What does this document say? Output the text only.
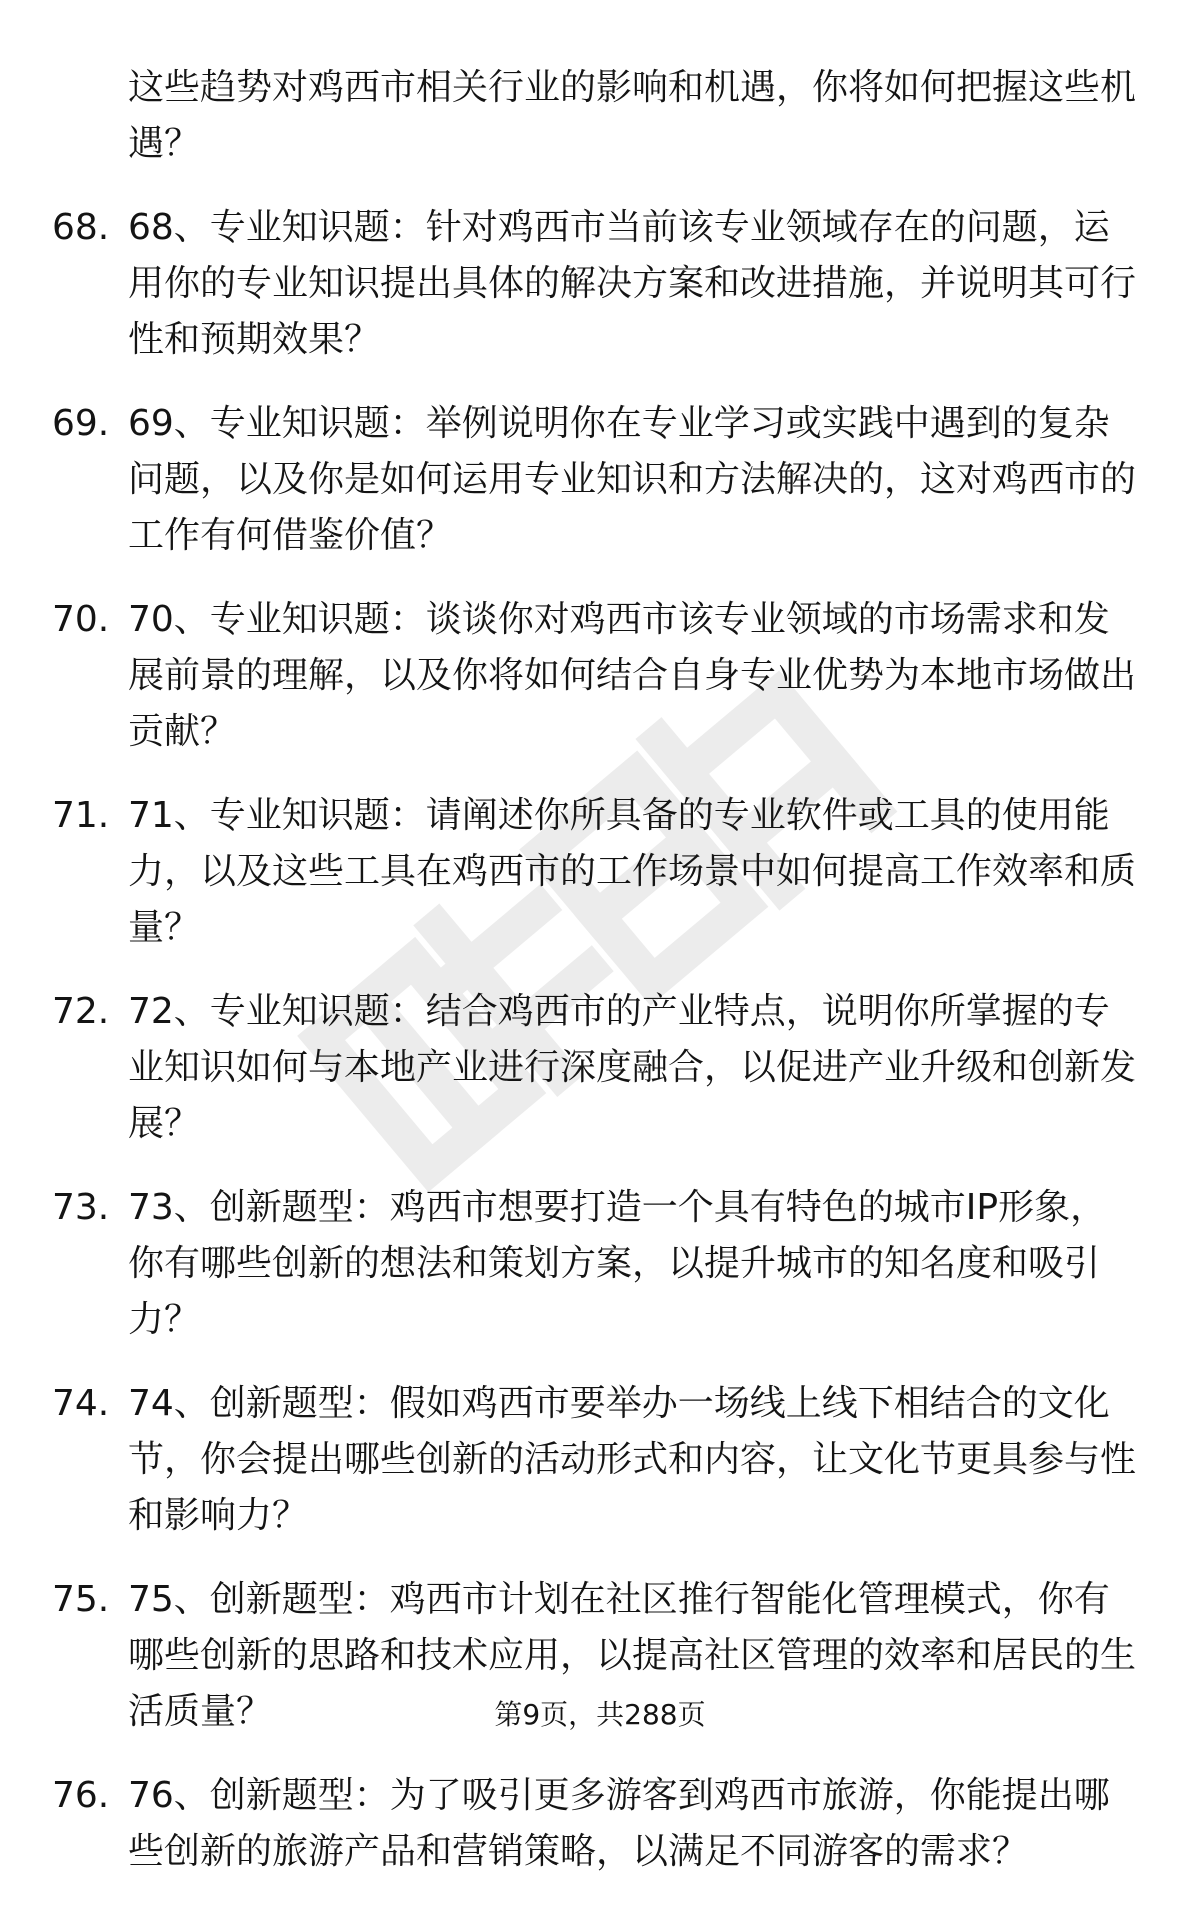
这些趋势对鸡西市相关行业的影响和机遇，你将如何把握这些机遇？
68. 68、专业知识题：针对鸡西市当前该专业领域存在的问题，运用你的专业知识提出具体的解决方案和改进措施，并说明其可行性和预期效果？
69. 69、专业知识题：举例说明你在专业学习或实践中遇到的复杂问题，以及你是如何运用专业知识和方法解决的，这对鸡西市的工作有何借鉴价值？
70. 70、专业知识题：谈谈你对鸡西市该专业领域的市场需求和发展前景的理解，以及你将如何结合自身专业优势为本地市场做出贡献？
71. 71、专业知识题：请阐述你所具备的专业软件或工具的使用能力，以及这些工具在鸡西市的工作场景中如何提高工作效率和质量？
72. 72、专业知识题：结合鸡西市的产业特点，说明你所掌握的专业知识如何与本地产业进行深度融合，以促进产业升级和创新发展？
73. 73、创新题型：鸡西市想要打造一个具有特色的城市IP形象，你有哪些创新的想法和策划方案，以提升城市的知名度和吸引力？
74. 74、创新题型：假如鸡西市要举办一场线上线下相结合的文化节，你会提出哪些创新的活动形式和内容，让文化节更具参与性和影响力？
75. 75、创新题型：鸡西市计划在社区推行智能化管理模式，你有哪些创新的思路和技术应用，以提高社区管理的效率和居民的生活质量？
76. 76、创新题型：为了吸引更多游客到鸡西市旅游，你能提出哪些创新的旅游产品和营销策略，以满足不同游客的需求？
第9页，共288页
